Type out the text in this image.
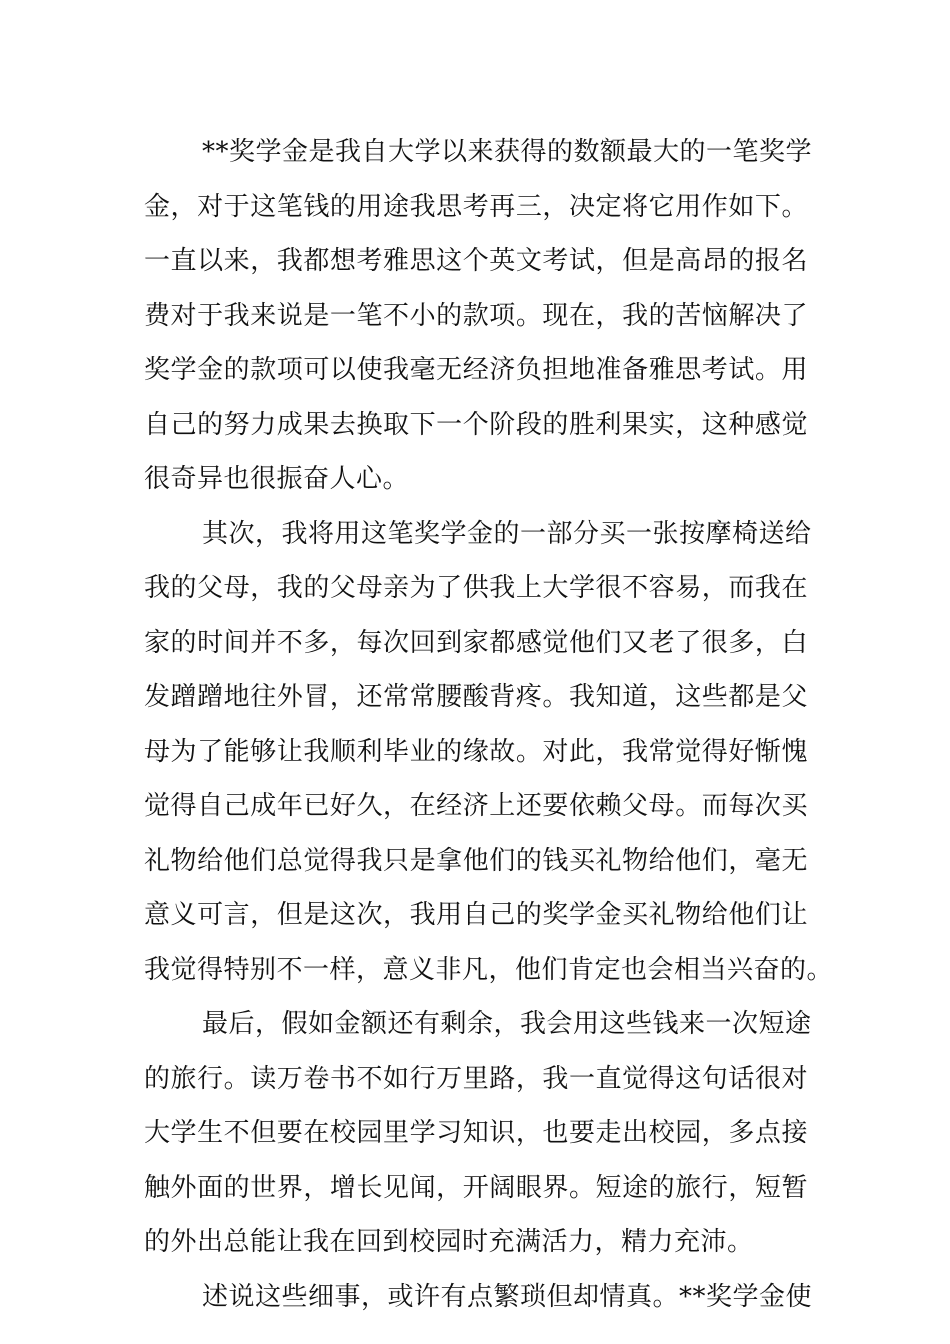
**奖学金是我自大学以来获得的数额最大的一笔奖学
金，对于这笔钱的用途我思考再三，决定将它用作如下。
一直以来，我都想考雅思这个英文考试，但是高昂的报名
费对于我来说是一笔不小的款项。现在，我的苦恼解决了
奖学金的款项可以使我毫无经济负担地准备雅思考试。用
自己的努力成果去换取下一个阶段的胜利果实，这种感觉
很奇异也很振奋人心。
其次，我将用这笔奖学金的一部分买一张按摩椅送给
我的父母，我的父母亲为了供我上大学很不容易，而我在
家的时间并不多，每次回到家都感觉他们又老了很多，白
发蹭蹭地往外冒，还常常腰酸背疼。我知道，这些都是父
母为了能够让我顺利毕业的缘故。对此，我常觉得好惭愧
觉得自己成年已好久，在经济上还要依赖父母。而每次买
礼物给他们总觉得我只是拿他们的钱买礼物给他们，毫无
意义可言，但是这次，我用自己的奖学金买礼物给他们让
我觉得特别不一样，意义非凡，他们肯定也会相当兴奋的。
最后，假如金额还有剩余，我会用这些钱来一次短途
的旅行。读万卷书不如行万里路，我一直觉得这句话很对
大学生不但要在校园里学习知识，也要走出校园，多点接
触外面的世界，增长见闻，开阔眼界。短途的旅行，短暂
的外出总能让我在回到校园时充满活力，精力充沛。
述说这些细事，或许有点繁琐但却情真。**奖学金使
